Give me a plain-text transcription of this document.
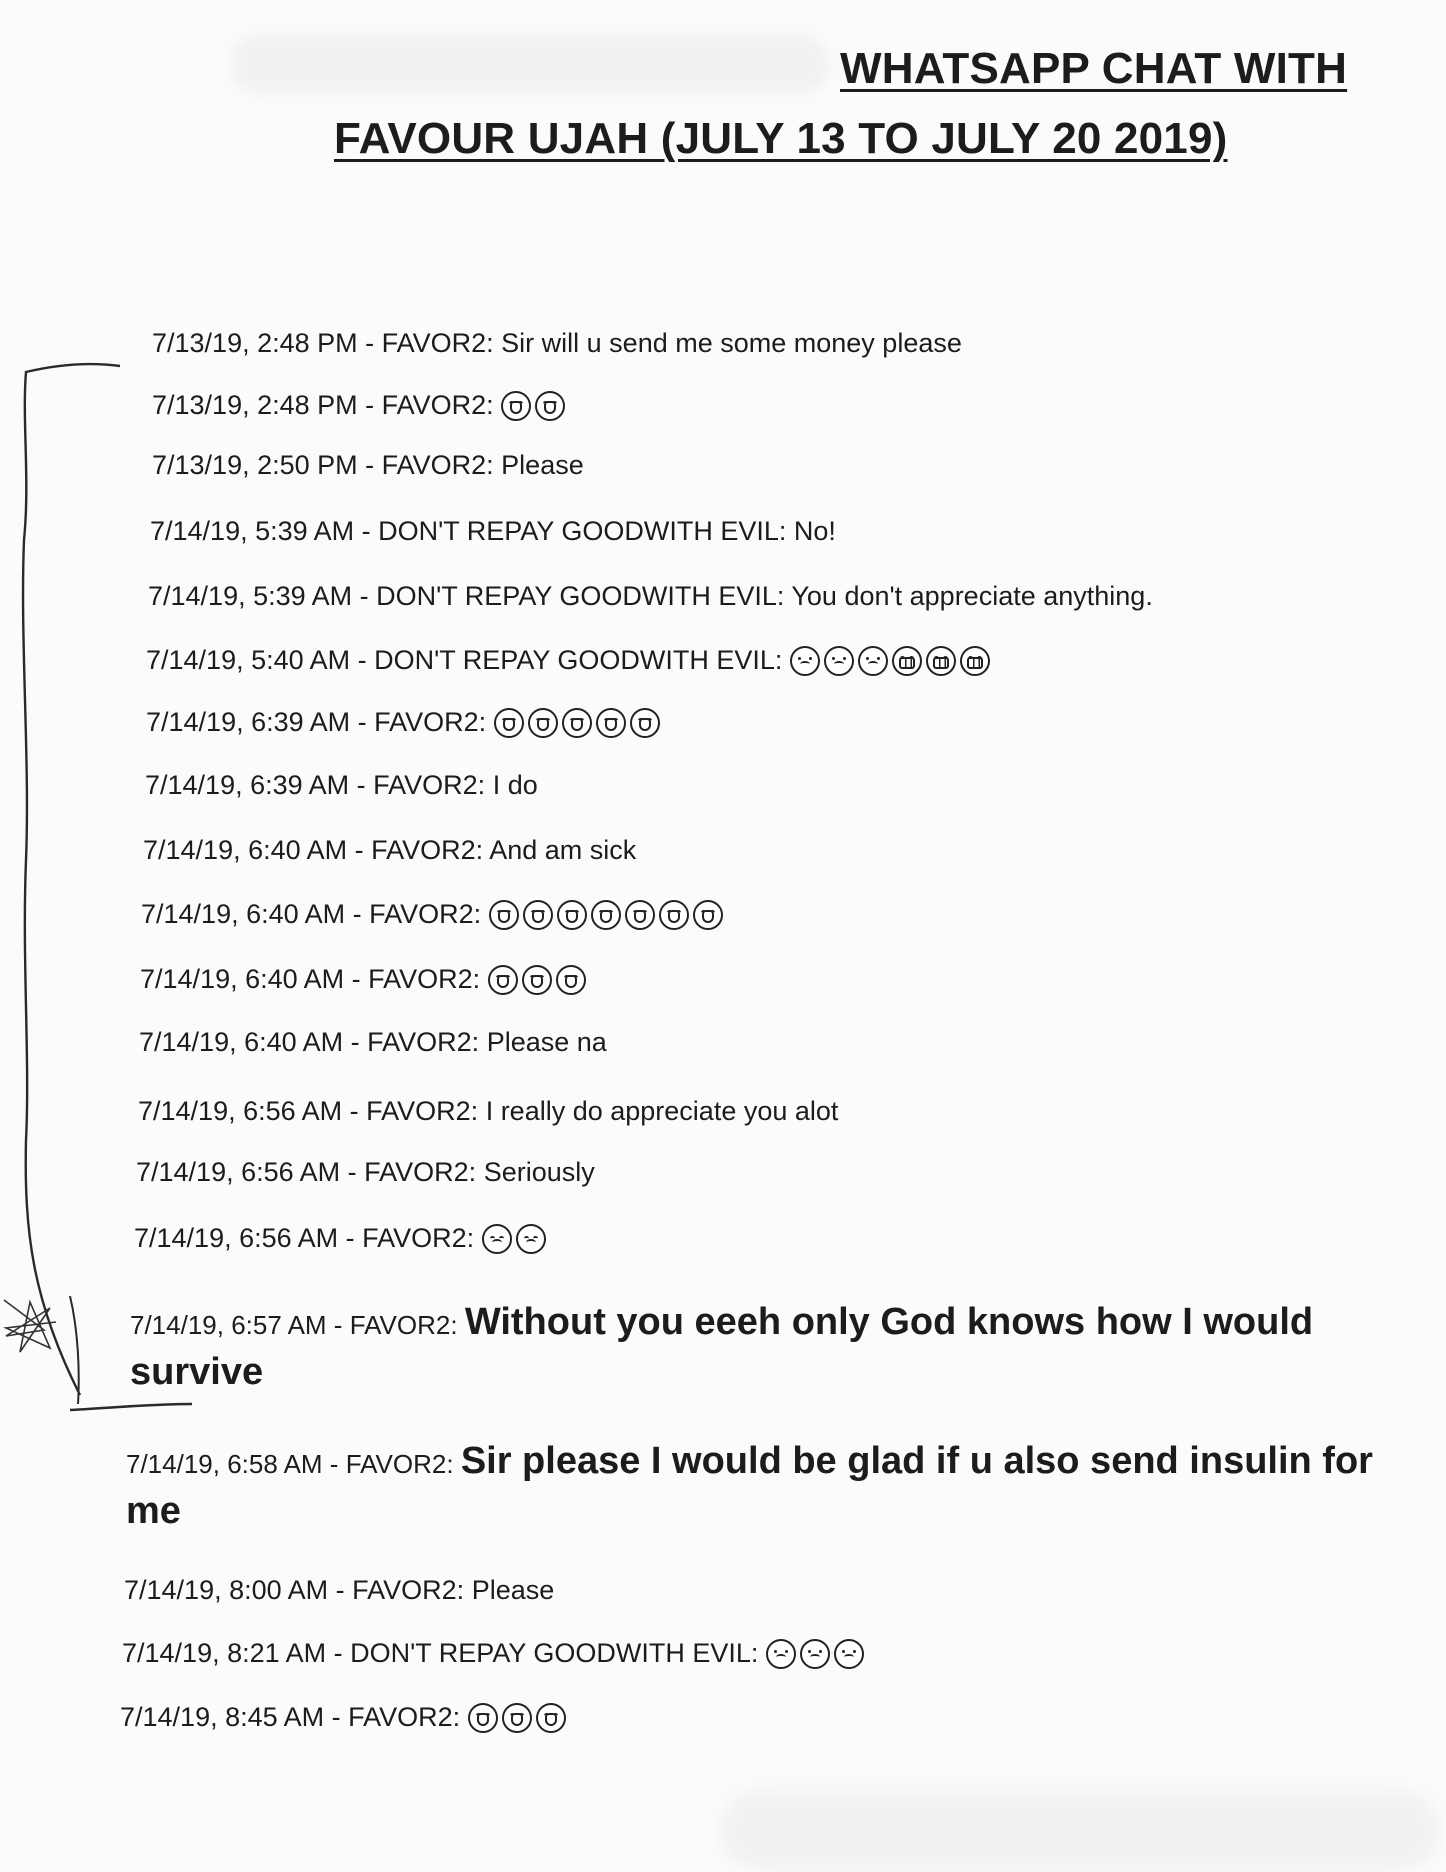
WHATSAPP CHAT WITH
FAVOUR UJAH (JULY 13 TO JULY 20 2019)

7/13/19, 2:48 PM - FAVOR2: Sir will u send me some money please

7/13/19, 2:48 PM - FAVOR2:

7/13/19, 2:50 PM - FAVOR2: Please

7/14/19, 5:39 AM - DON'T REPAY GOODWITH EVIL: No!

7/14/19, 5:39 AM - DON'T REPAY GOODWITH EVIL: You don't appreciate anything.

7/14/19, 5:40 AM - DON'T REPAY GOODWITH EVIL:

7/14/19, 6:39 AM - FAVOR2:

7/14/19, 6:39 AM - FAVOR2: I do

7/14/19, 6:40 AM - FAVOR2: And am sick

7/14/19, 6:40 AM - FAVOR2:

7/14/19, 6:40 AM - FAVOR2:

7/14/19, 6:40 AM - FAVOR2: Please na

7/14/19, 6:56 AM - FAVOR2: I really do appreciate you alot

7/14/19, 6:56 AM - FAVOR2: Seriously

7/14/19, 6:56 AM - FAVOR2:

7/14/19, 6:57 AM - FAVOR2: Without you eeeh only God knows how I would survive

7/14/19, 6:58 AM - FAVOR2: Sir please I would be glad if u also send insulin for me

7/14/19, 8:00 AM - FAVOR2: Please

7/14/19, 8:21 AM - DON'T REPAY GOODWITH EVIL:

7/14/19, 8:45 AM - FAVOR2:
